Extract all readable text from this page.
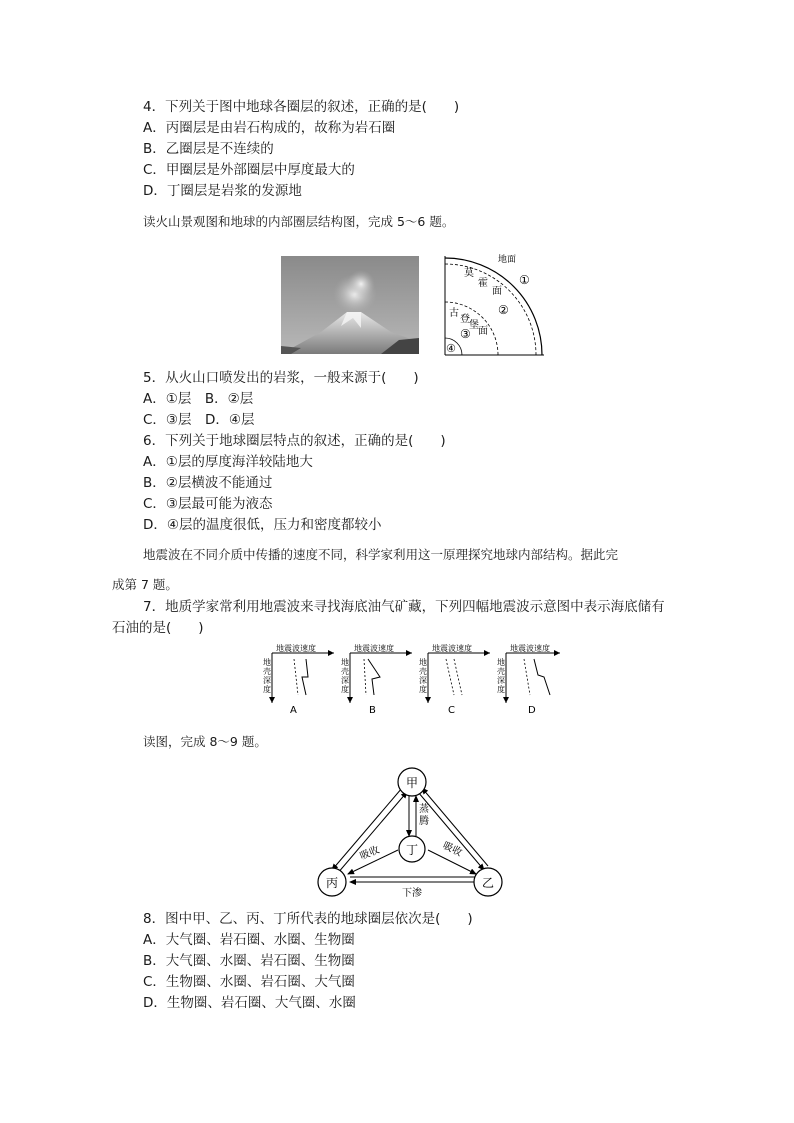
4．下列关于图中地球各圈层的叙述，正确的是(　　)
A．丙圈层是由岩石构成的，故称为岩石圈
B．乙圈层是不连续的
C．甲圈层是外部圈层中厚度最大的
D．丁圈层是岩浆的发源地
读火山景观图和地球的内部圈层结构图，完成 5～6 题。
地面
莫
霍
面
①
②
古
登
堡
面
③
④
5．从火山口喷发出的岩浆，一般来源于(　　)
A．①层　B．②层
C．③层　D．④层
6．下列关于地球圈层特点的叙述，正确的是(　　)
A．①层的厚度海洋较陆地大
B．②层横波不能通过
C．③层最可能为液态
D．④层的温度很低，压力和密度都较小
地震波在不同介质中传播的速度不同，科学家利用这一原理探究地球内部结构。据此完
成第 7 题。
7．地质学家常利用地震波来寻找海底油气矿藏，下列四幅地震波示意图中表示海底储有
石油的是(　　)
地震波速度
地
壳
深
度
A
地震波速度
地
壳
深
度
B
地震波速度
地
壳
深
度
C
地震波速度
地
壳
深
度
D
读图，完成 8～9 题。
甲
丁
丙	乙
蒸
腾
吸收	吸收
下渗
8．图中甲、乙、丙、丁所代表的地球圈层依次是(　　)
A．大气圈、岩石圈、水圈、生物圈
B．大气圈、水圈、岩石圈、生物圈
C．生物圈、水圈、岩石圈、大气圈
D．生物圈、岩石圈、大气圈、水圈
